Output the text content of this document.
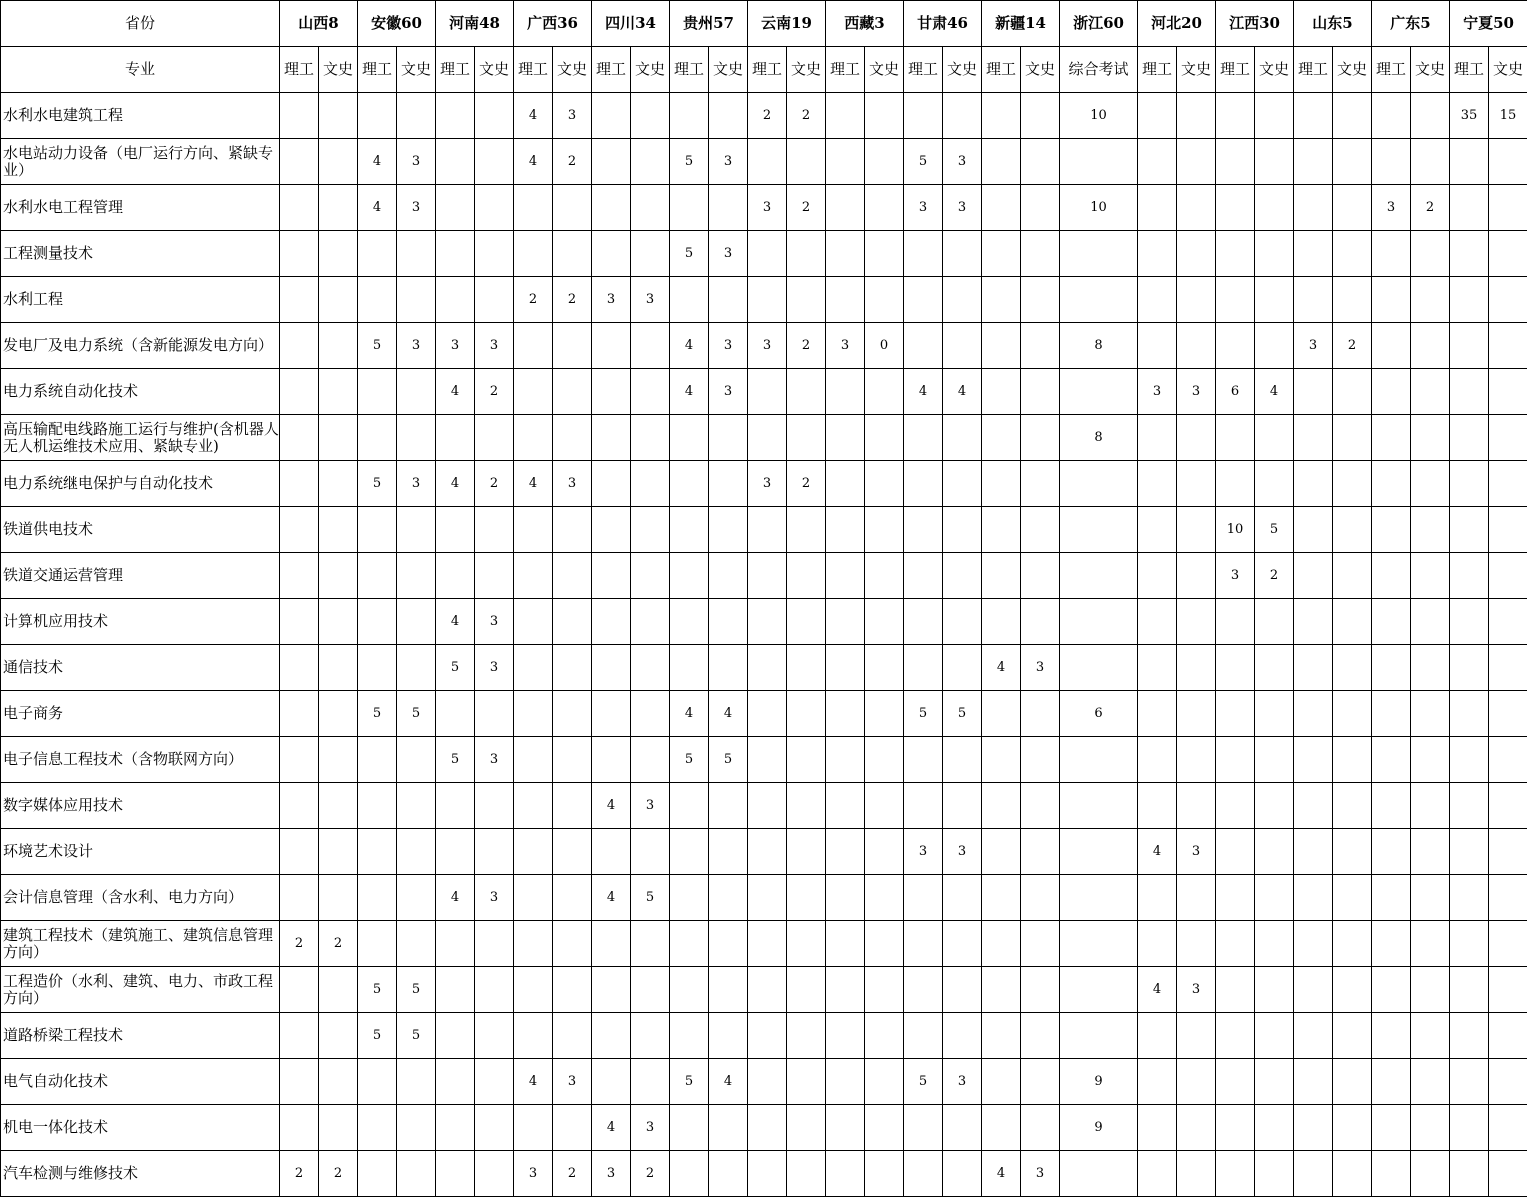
省份	山西8		安徽60		河南48		广西36		四川34		贵州57		云南19		西藏3		甘肃46		新疆14		浙江60	河北20		江西30		山东5		广东5		宁夏50	
专业	理工	文史	理工	文史	理工	文史	理工	文史	理工	文史	理工	文史	理工	文史	理工	文史	理工	文史	理工	文史	综合考试	理工	文史	理工	文史	理工	文史	理工	文史	理工	文史
水利水电建筑工程							4	3					2	2							10									35	15
水电站动力设备（电厂运行方向、紧缺专业）			4	3			4	2			5	3					5	3													
水利水电工程管理			4	3									3	2			3	3			10							3	2		
工程测量技术											5	3																			
水利工程							2	2	3	3																					
发电厂及电力系统（含新能源发电方向）			5	3	3	3					4	3	3	2	3	0					8					3	2				
电力系统自动化技术					4	2					4	3					4	4				3	3	6	4						
高压输配电线路施工运行与维护(含机器人无人机运维技术应用、紧缺专业)																					8										
电力系统继电保护与自动化技术			5	3	4	2	4	3					3	2																	
铁道供电技术																								10	5						
铁道交通运营管理																								3	2						
计算机应用技术					4	3																									
通信技术					5	3													4	3											
电子商务			5	5							4	4					5	5			6										
电子信息工程技术（含物联网方向）					5	3					5	5																			
数字媒体应用技术									4	3																					
环境艺术设计																	3	3				4	3								
会计信息管理（含水利、电力方向）					4	3			4	5																					
建筑工程技术（建筑施工、建筑信息管理方向）	2	2																													
工程造价（水利、建筑、电力、市政工程方向）			5	5																		4	3								
道路桥梁工程技术			5	5																											
电气自动化技术							4	3			5	4					5	3			9										
机电一体化技术									4	3											9										
汽车检测与维修技术	2	2					3	2	3	2									4	3											
